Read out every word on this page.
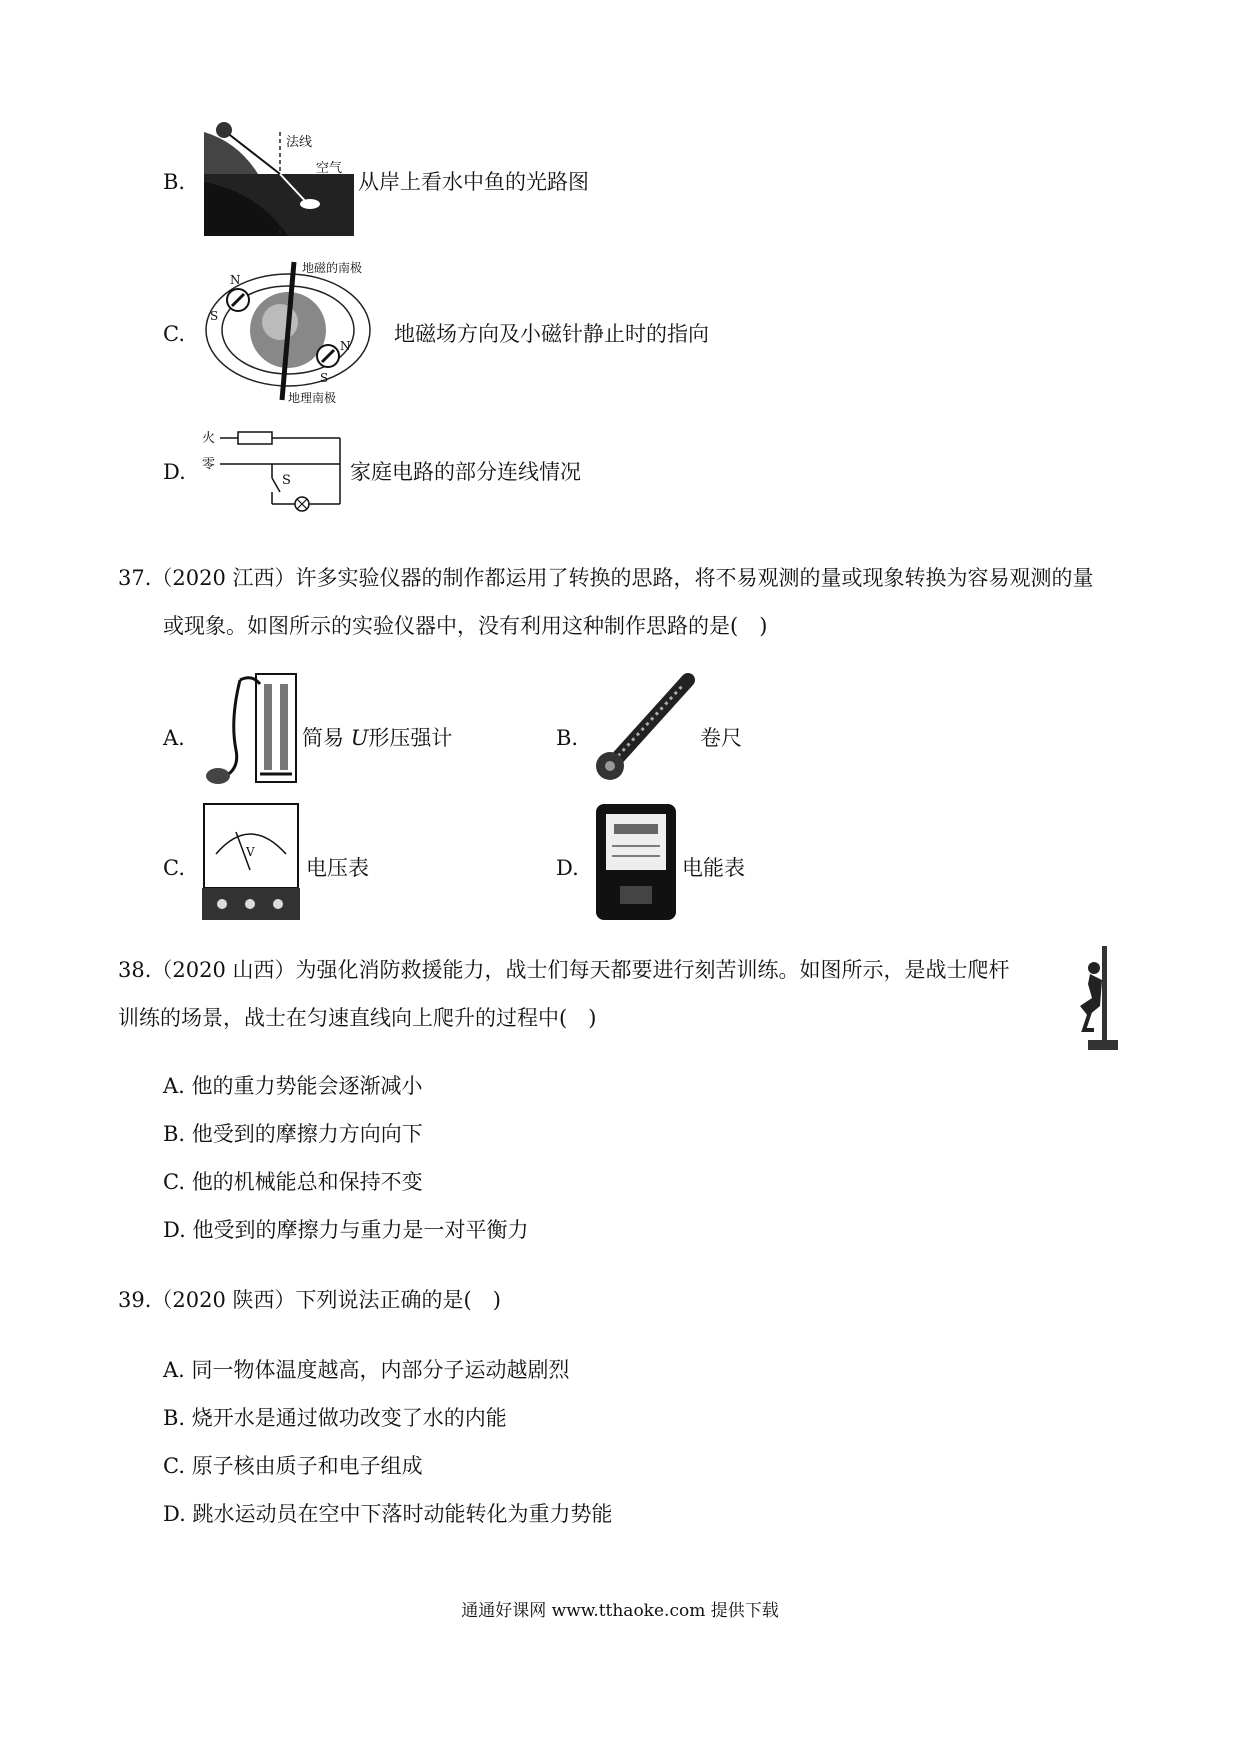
B.
法线
空气
从岸上看水中鱼的光路图
C.
地磁的南极
地理南极
N
S
N
S
地磁场方向及小磁针静止时的指向
D.
火
零
S	家庭电路的部分连线情况
37.（2020 江西）许多实验仪器的制作都运用了转换的思路，将不易观测的量或现象转换为容易观测的量
或现象。如图所示的实验仪器中，没有利用这种制作思路的是(　)
A.	简易 U形压强计	B.	卷尺
C.
V
电压表	D.	电能表
38.（2020 山西）为强化消防救援能力，战士们每天都要进行刻苦训练。如图所示，是战士爬杆
训练的场景，战士在匀速直线向上爬升的过程中(　)
A. 他的重力势能会逐渐减小
B. 他受到的摩擦力方向向下
C. 他的机械能总和保持不变
D. 他受到的摩擦力与重力是一对平衡力
39.（2020 陕西）下列说法正确的是(　)
A. 同一物体温度越高，内部分子运动越剧烈
B. 烧开水是通过做功改变了水的内能
C. 原子核由质子和电子组成
D. 跳水运动员在空中下落时动能转化为重力势能
通通好课网 www.tthaoke.com 提供下载
